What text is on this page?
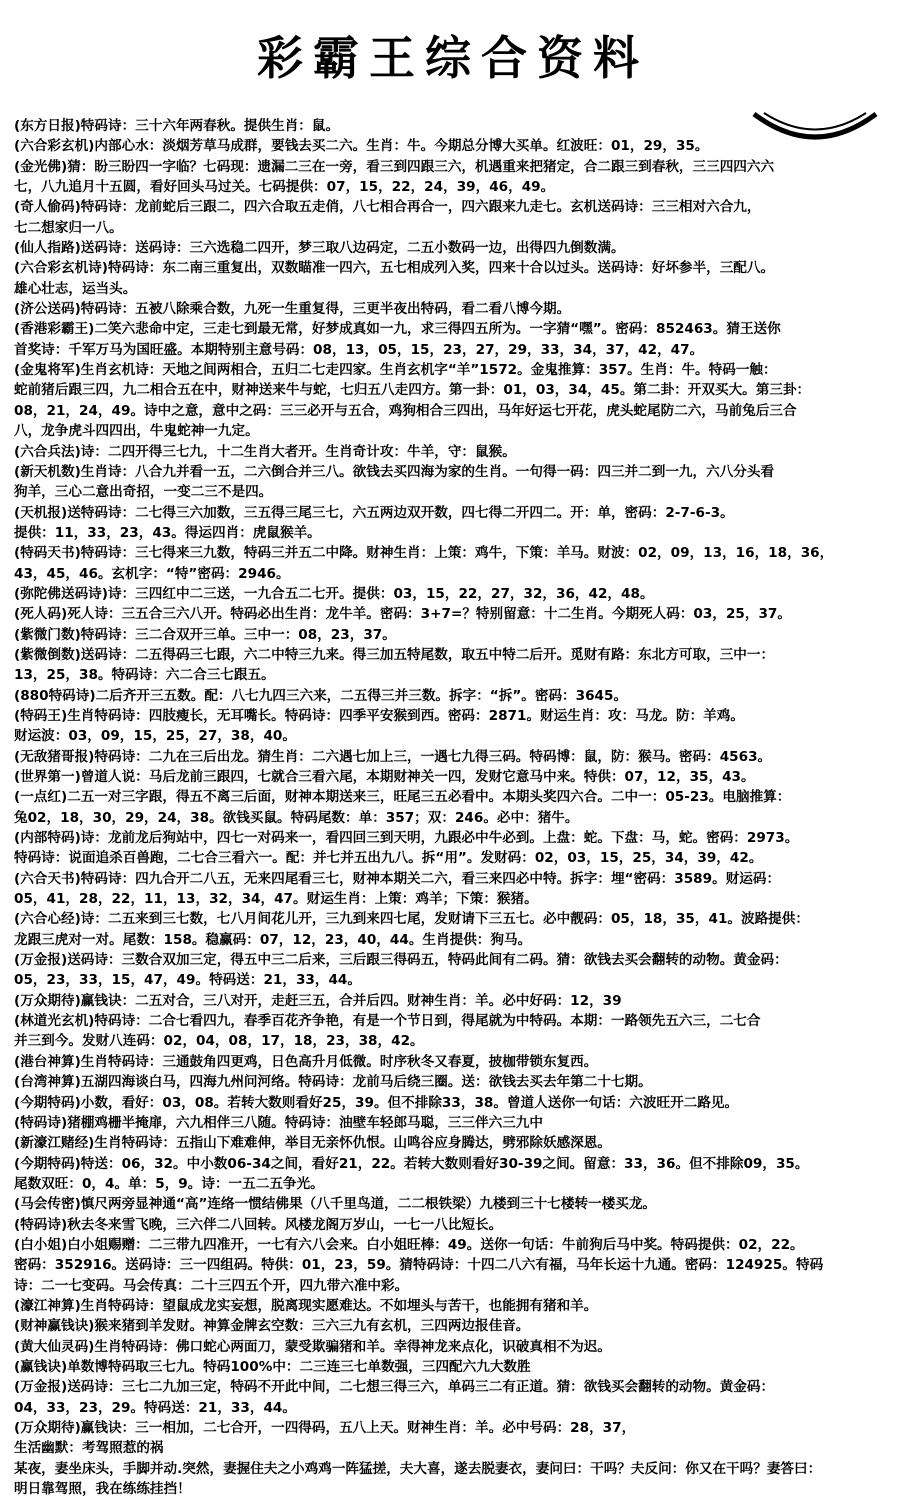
彩霸王综合资料
(东方日报)特码诗：三十六年两春秋。提供生肖：鼠。
(六合彩玄机)内部心水：淡烟芳草马成群，要钱去买二六。生肖：牛。今期总分博大买单。红波旺：01，29，35。
(金光佛)猜：盼三盼四一字临？七码现：遗漏二三在一旁，看三到四跟三六，机遇重来把猪定，合二跟三到春秋，三三四四六六
七，八九追月十五圆，看好回头马过关。七码提供：07，15，22，24，39，46，49。
(奇人偷码)特码诗：龙前蛇后三跟二，四六合取五走俏，八七相合再合一，四六跟来九走七。玄机送码诗：三三相对六合九，
七二想家归一八。
(仙人指路)送码诗：送码诗：三六选稳二四开，梦三取八边码定，二五小数码一边，出得四九倒数满。
(六合彩玄机诗)特码诗：东二南三重复出，双数瞄准一四六，五七相成列入奖，四来十合以过头。送码诗：好坏参半，三配八。
雄心壮志，运当头。
(济公送码)特码诗：五被八除乘合数，九死一生重复得，三更半夜出特码，看二看八博今期。
(香港彩霸王)二笑六悲命中定，三走七到最无常，好梦成真如一九，求三得四五所为。一字猜“嘿”。密码：852463。猜王送你
首奖诗：千军万马为国旺盛。本期特别主意号码：08，13，05，15，23，27，29，33，34，37，42，47。
(金鬼将军)生肖玄机诗：天地之间两相合，五归二七走四家。生肖玄机字“羊”1572。金鬼推算：357。生肖：牛。特码一触：
蛇前猪后跟三四，九二相合五在中，财神送来牛与蛇，七归五八走四方。第一卦：01，03，34，45。第二卦：开双买大。第三卦：
08，21，24，49。诗中之意，意中之码：三三必开与五合，鸡狗相合三四出，马年好运七开花，虎头蛇尾防二六，马前兔后三合
八，龙争虎斗四四出，牛鬼蛇神一九定。
(六合兵法)诗：二四开得三七九，十二生肖大者开。生肖奇计攻：牛羊，守：鼠猴。
(新天机数)生肖诗：八合九并看一五，二六倒合并三八。欲钱去买四海为家的生肖。一句得一码：四三并二到一九，六八分头看
狗羊，三心二意出奇招，一变二三不是四。
(天机报)送特码诗：二七得三六加数，三五得三尾三七，六五两边双开数，四七得二开四二。开：单，密码：2-7-6-3。
提供：11，33，23，43。得运四肖：虎鼠猴羊。
(特码天书)特码诗：三七得来三九数，特码三并五二中降。财神生肖：上策：鸡牛，下策：羊马。财波：02，09，13，16，18，36，
43，45，46。玄机字：“特”密码：2946。
(弥陀佛送码诗)诗：三四红中二三送，一九合五二七开。提供：03，15，22，27，32，36，42，48。
(死人码)死人诗：三五合三六八开。特码必出生肖：龙牛羊。密码：3+7=？特别留意：十二生肖。今期死人码：03，25，37。
(紫微门数)特码诗：三二合双开三单。三中一：08，23，37。
(紫微倒数)送码诗：二五得码三七跟，六二中特三九来。得三加五特尾数，取五中特二后开。觅财有路：东北方可取，三中一：
13，25，38。特码诗：六二合三七跟五。
(880特码诗)二后齐开三五数。配：八七九四三六来，二五得三并三数。拆字：“拆”。密码：3645。
(特码王)生肖特码诗：四肢瘦长，无耳嘴长。特码诗：四季平安猴到西。密码：2871。财运生肖：攻：马龙。防：羊鸡。
财运波：03，09，15，25，27，38，40。
(无敌猪哥报)特码诗：二九在三后出龙。猜生肖：二六遇七加上三，一遇七九得三码。特码博：鼠，防：猴马。密码：4563。
(世界第一)曾道人说：马后龙前三跟四，七就合三看六尾，本期财神关一四，发财它意马中来。特供：07，12，35，43。
(一点红)二五一对三字跟，得五不离三后面，财神本期送来三，旺尾三五必看中。本期头奖四六合。二中一：05-23。电脑推算：
兔02，18，30，29，24，38。欲钱买鼠。特码尾数：单：357；双：246。必中：猪牛。
(内部特码)诗：龙前龙后狗站中，四七一对码来一，看四回三到天明，九跟必中牛必到。上盘：蛇。下盘：马，蛇。密码：2973。
特码诗：说面追杀百兽跑，二七合三看六一。配：并七并五出九八。拆“用”。发财码：02，03，15，25，34，39，42。
(六合天书)特码诗：四九合开二八五，无来四尾看三七，财神本期关二六，看三来四必中特。拆字：埋“密码：3589。财运码：
05，41，28，22，11，13，32，34，47。财运生肖：上策：鸡羊；下策：猴猪。
(六合心经)诗：二五来到三七数，七八月间花儿开，三九到来四七尾，发财请下三五七。必中靓码：05，18，35，41。波路提供：
龙跟三虎对一对。尾数：158。稳赢码：07，12，23，40，44。生肖提供：狗马。
(万金报)送码诗：三数合双加三定，得五中三二后来，三后跟三得码五，特码此间有二码。猜：欲钱去买会翻转的动物。黄金码：
05，23，33，15，47，49。特码送：21，33，44。
(万众期待)赢钱诀：二五对合，三八对开，走赶三五，合并后四。财神生肖：羊。必中好码：12，39
(林道光玄机)特码诗：二合七看四九，春季百花齐争艳，有是一个节日到，得尾就为中特码。本期：一路领先五六三，二七合
并三到今。发财八连码：02，04，08，17，18，23，38，42。
(港台神算)生肖特码诗：三通鼓角四更鸡，日色高升月低微。时序秋冬又春夏，披枷带锁东复西。
(台湾神算)五湖四海谈白马，四海九州问河络。特码诗：龙前马后绕三圈。送：欲钱去买去年第二十七期。
(今期特码)小数，看好：03，08。若转大数则看好25，39。但不排除33，38。曾道人送你一句话：六波旺开二路见。
(特码诗)猪棚鸡栅半掩扉，六九相伴三八随。特码诗：油壁车轻郎马聪，三三伴六三九中
(新濠江赌经)生肖特码诗：五指山下难难伸，举目无亲怀仇恨。山鸣谷应身腾达，劈邪除妖感深恩。
(今期特码)特送：06，32。中小数06-34之间，看好21，22。若转大数则看好30-39之间。留意：33，36。但不排除09，35。
尾数双旺：0，4。单：5，9。诗：一五二五争光。
(马会传密)慎尺两旁显神通“高”连络一惯结佛果（八千里鸟道，二二根铁梁）九楼到三十七楼转一楼买龙。
(特码诗)秋去冬来雪飞晚，三六伴二八回转。风楼龙阁万岁山，一七一八比短长。
(白小姐)白小姐赐赠：二三带九四准开，一七有六八会来。白小姐旺棒：49。送你一句话：牛前狗后马中奖。特码提供：02，22。
密码：352916。送码诗：三一四组码。特供：01，23，59。猜特码诗：十四二八六有福，马年长运十九通。密码：124925。特码
诗：二一七变码。马会传真：二十三四五个开，四九带六准中彩。
(濠江神算)生肖特码诗：望鼠成龙实妄想，脱离现实愿难达。不如埋头与苦干，也能拥有猪和羊。
(财神赢钱诀)猴来猪到羊发财。神算金牌玄空数：三六三九有玄机，三四两边报佳音。
(黄大仙灵码)生肖特码诗：佛口蛇心两面刀，蒙受欺骗猪和羊。幸得神龙来点化，识破真相不为迟。
(赢钱诀)单数博特码取三七九。特码100%中：二三连三七单数强，三四配六九大数胜
(万金报)送码诗：三七二九加三定，特码不开此中间，二七想三得三六，单码三二有正道。猜：欲钱买会翻转的动物。黄金码：
04，33，23，29。特码送：21，33，44。
(万众期待)赢钱诀：三一相加，二七合开，一四得码，五八上天。财神生肖：羊。必中号码：28，37，
生活幽默：考驾照惹的祸
某夜，妻坐床头，手脚并动.突然，妻握住夫之小鸡鸡一阵猛搓，夫大喜，遂去脱妻衣，妻问曰：干吗？夫反问：你又在干吗？妻答曰：
明日靠驾照，我在练练挂挡！
